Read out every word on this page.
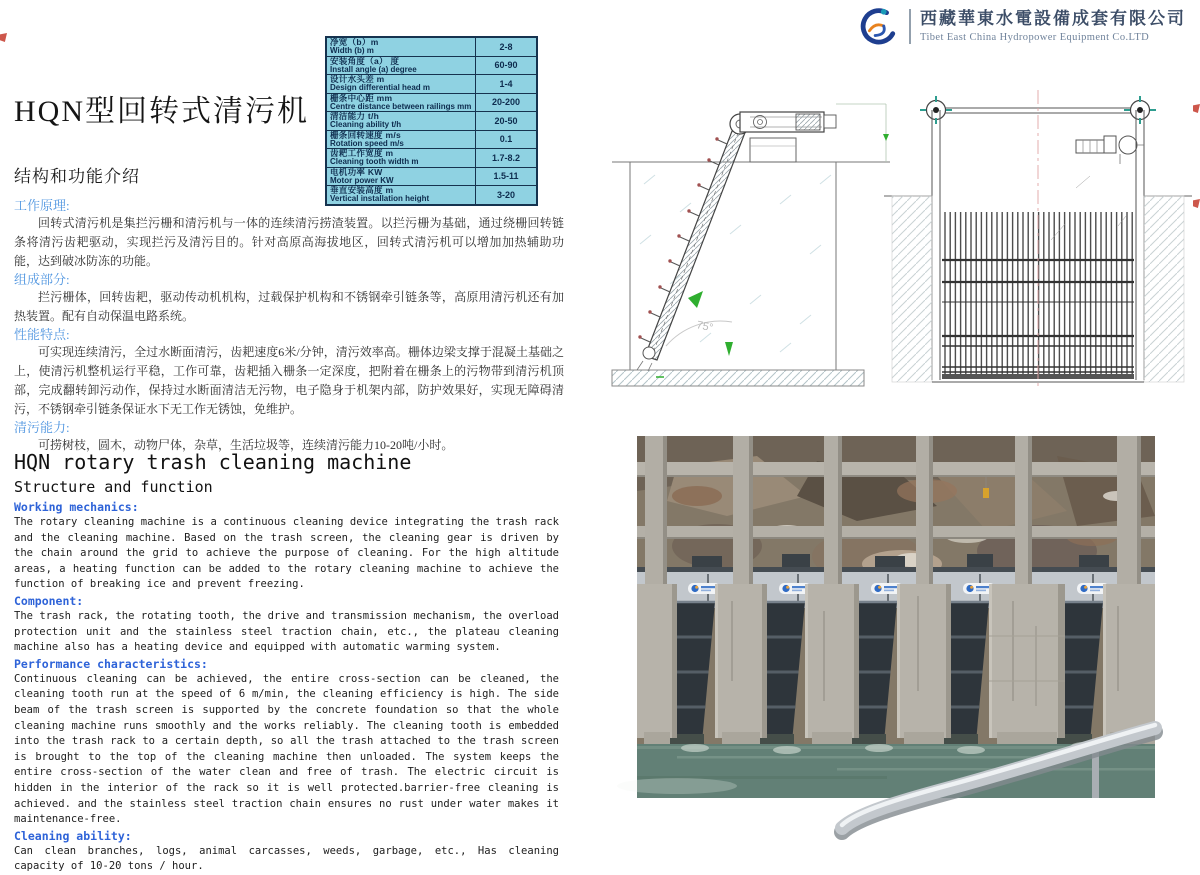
西藏華東水電設備成套有限公司
Tibet East China Hydropower Equipment Co.LTD
净宽（b）m
Width (b) m	2-8

安装角度（a） 度
Install angle (a) degree	60-90

设计水头差 m
Design differential head m	1-4

栅条中心距 mm
Centre distance between railings mm	20-200

清洁能力 t/h
Cleaning ability t/h	20-50

栅条回转速度 m/s
Rotation speed m/s	0.1

齿耙工作宽度 m
Cleaning tooth width m	1.7-8.2

电机功率 KW
Motor power KW	1.5-11

垂直安装高度 m
Vertical installation height	3-20
HQN型回转式清污机
结构和功能介绍
工作原理:

回转式清污机是集拦污栅和清污机与一体的连续清污捞渣装置。以拦污栅为基础，通过绕栅回转链条将清污齿耙驱动，实现拦污及清污目的。针对高原高海拔地区，回转式清污机可以增加加热辅助功能，达到破冰防冻的功能。

组成部分:

拦污栅体，回转齿耙，驱动传动机机构，过载保护机构和不锈钢牵引链条等，高原用清污机还有加热装置。配有自动保温电路系统。

性能特点:

可实现连续清污，全过水断面清污，齿耙速度6米/分钟，清污效率高。栅体边梁支撑于混凝土基础之上，使清污机整机运行平稳，工作可靠，齿耙插入栅条一定深度，把附着在栅条上的污物带到清污机顶部，完成翻转卸污动作，保持过水断面清洁无污物，电子隐身于机架内部，防护效果好，实现无障碍清污，不锈钢牵引链条保证水下无工作无锈蚀，免维护。

清污能力:

可捞树枝，圆木，动物尸体，杂草，生活垃圾等，连续清污能力10-20吨/小时。

HQN rotary trash cleaning machine
Structure and function
Working mechanics:

The rotary cleaning machine is a continuous cleaning device integrating the trash rack and the cleaning machine. Based on the trash screen, the cleaning gear is driven by the chain around the grid to achieve the purpose of cleaning. For the high altitude areas, a heating function can be added to the rotary cleaning machine to achieve the function of breaking ice and prevent freezing.

Component:

The trash rack, the rotating tooth, the drive and transmission mechanism, the overload protection unit and the stainless steel traction chain, etc., the plateau cleaning machine also has a heating device and equipped with automatic warming system.

Performance characteristics:

Continuous cleaning can be achieved, the entire cross-section can be cleaned, the cleaning tooth run at the speed of 6 m/min, the cleaning efficiency is high. The side beam of the trash screen is supported by the concrete foundation so that the whole cleaning machine runs smoothly and the works reliably. The cleaning tooth is embedded into the trash rack to a certain depth, so all the trash attached to the trash screen is brought to the top of the cleaning machine then unloaded. The system keeps the entire cross-section of the water clean and free of trash. The electric circuit is hidden in the interior of the rack so it is well protected.barrier-free cleaning is achieved. and the stainless steel traction chain ensures no rust under water makes it maintenance-free.

Cleaning ability:

Can clean branches, logs, animal carcasses, weeds, garbage, etc., Has cleaning capacity of 10-20 tons / hour.

75°
